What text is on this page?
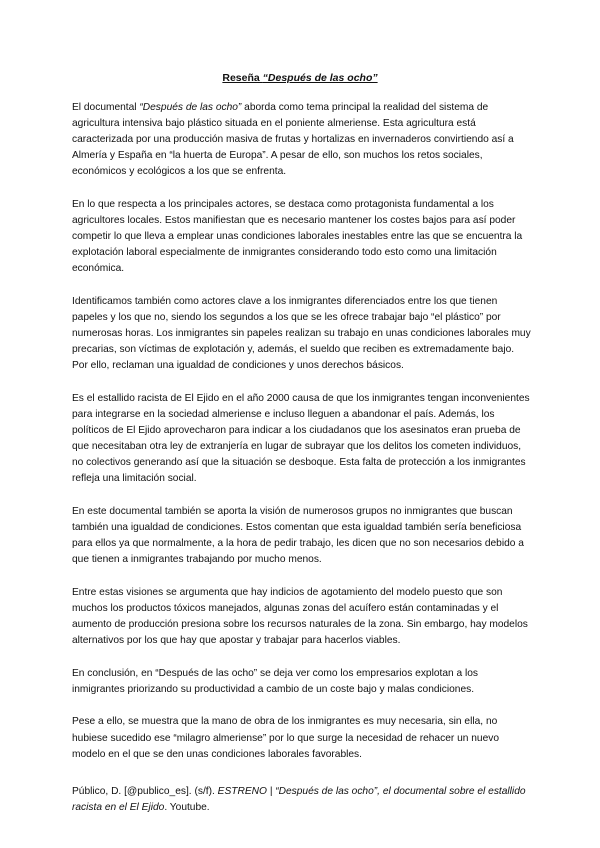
Reseña “Después de las ocho”

El documental “Después de las ocho” aborda como tema principal la realidad del sistema de agricultura intensiva bajo plástico situada en el poniente almeriense. Esta agricultura está caracterizada por una producción masiva de frutas y hortalizas en invernaderos convirtiendo así a Almería y España en “la huerta de Europa”. A pesar de ello, son muchos los retos sociales, económicos y ecológicos a los que se enfrenta.

En lo que respecta a los principales actores, se destaca como protagonista fundamental a los agricultores locales. Estos manifiestan que es necesario mantener los costes bajos para así poder competir lo que lleva a emplear unas condiciones laborales inestables entre las que se encuentra la explotación laboral especialmente de inmigrantes considerando todo esto como una limitación económica.

Identificamos también como actores clave a los inmigrantes diferenciados entre los que tienen papeles y los que no, siendo los segundos a los que se les ofrece trabajar bajo “el plástico” por numerosas horas. Los inmigrantes sin papeles realizan su trabajo en unas condiciones laborales muy precarias, son víctimas de explotación y, además, el sueldo que reciben es extremadamente bajo. Por ello, reclaman una igualdad de condiciones y unos derechos básicos.

Es el estallido racista de El Ejido en el año 2000 causa de que los inmigrantes tengan inconvenientes para integrarse en la sociedad almeriense e incluso lleguen a abandonar el país. Además, los políticos de El Ejido aprovecharon para indicar a los ciudadanos que los asesinatos eran prueba de que necesitaban otra ley de extranjería en lugar de subrayar que los delitos los cometen individuos, no colectivos generando así que la situación se desboque. Esta falta de protección a los inmigrantes refleja una limitación social.

En este documental también se aporta la visión de numerosos grupos no inmigrantes que buscan también una igualdad de condiciones. Estos comentan que esta igualdad también sería beneficiosa para ellos ya que normalmente, a la hora de pedir trabajo, les dicen que no son necesarios debido a que tienen a inmigrantes trabajando por mucho menos.

Entre estas visiones se argumenta que hay indicios de agotamiento del modelo puesto que son muchos los productos tóxicos manejados, algunas zonas del acuífero están contaminadas y el aumento de producción presiona sobre los recursos naturales de la zona. Sin embargo, hay modelos alternativos por los que hay que apostar y trabajar para hacerlos viables.

En conclusión, en “Después de las ocho” se deja ver como los empresarios explotan a los inmigrantes priorizando su productividad a cambio de un coste bajo y malas condiciones.

Pese a ello, se muestra que la mano de obra de los inmigrantes es muy necesaria, sin ella, no hubiese sucedido ese “milagro almeriense” por lo que surge la necesidad de rehacer un nuevo modelo en el que se den unas condiciones laborales favorables.

Público, D. [@publico_es]. (s/f). ESTRENO | “Después de las ocho”, el documental sobre el estallido racista en el El Ejido. Youtube.
